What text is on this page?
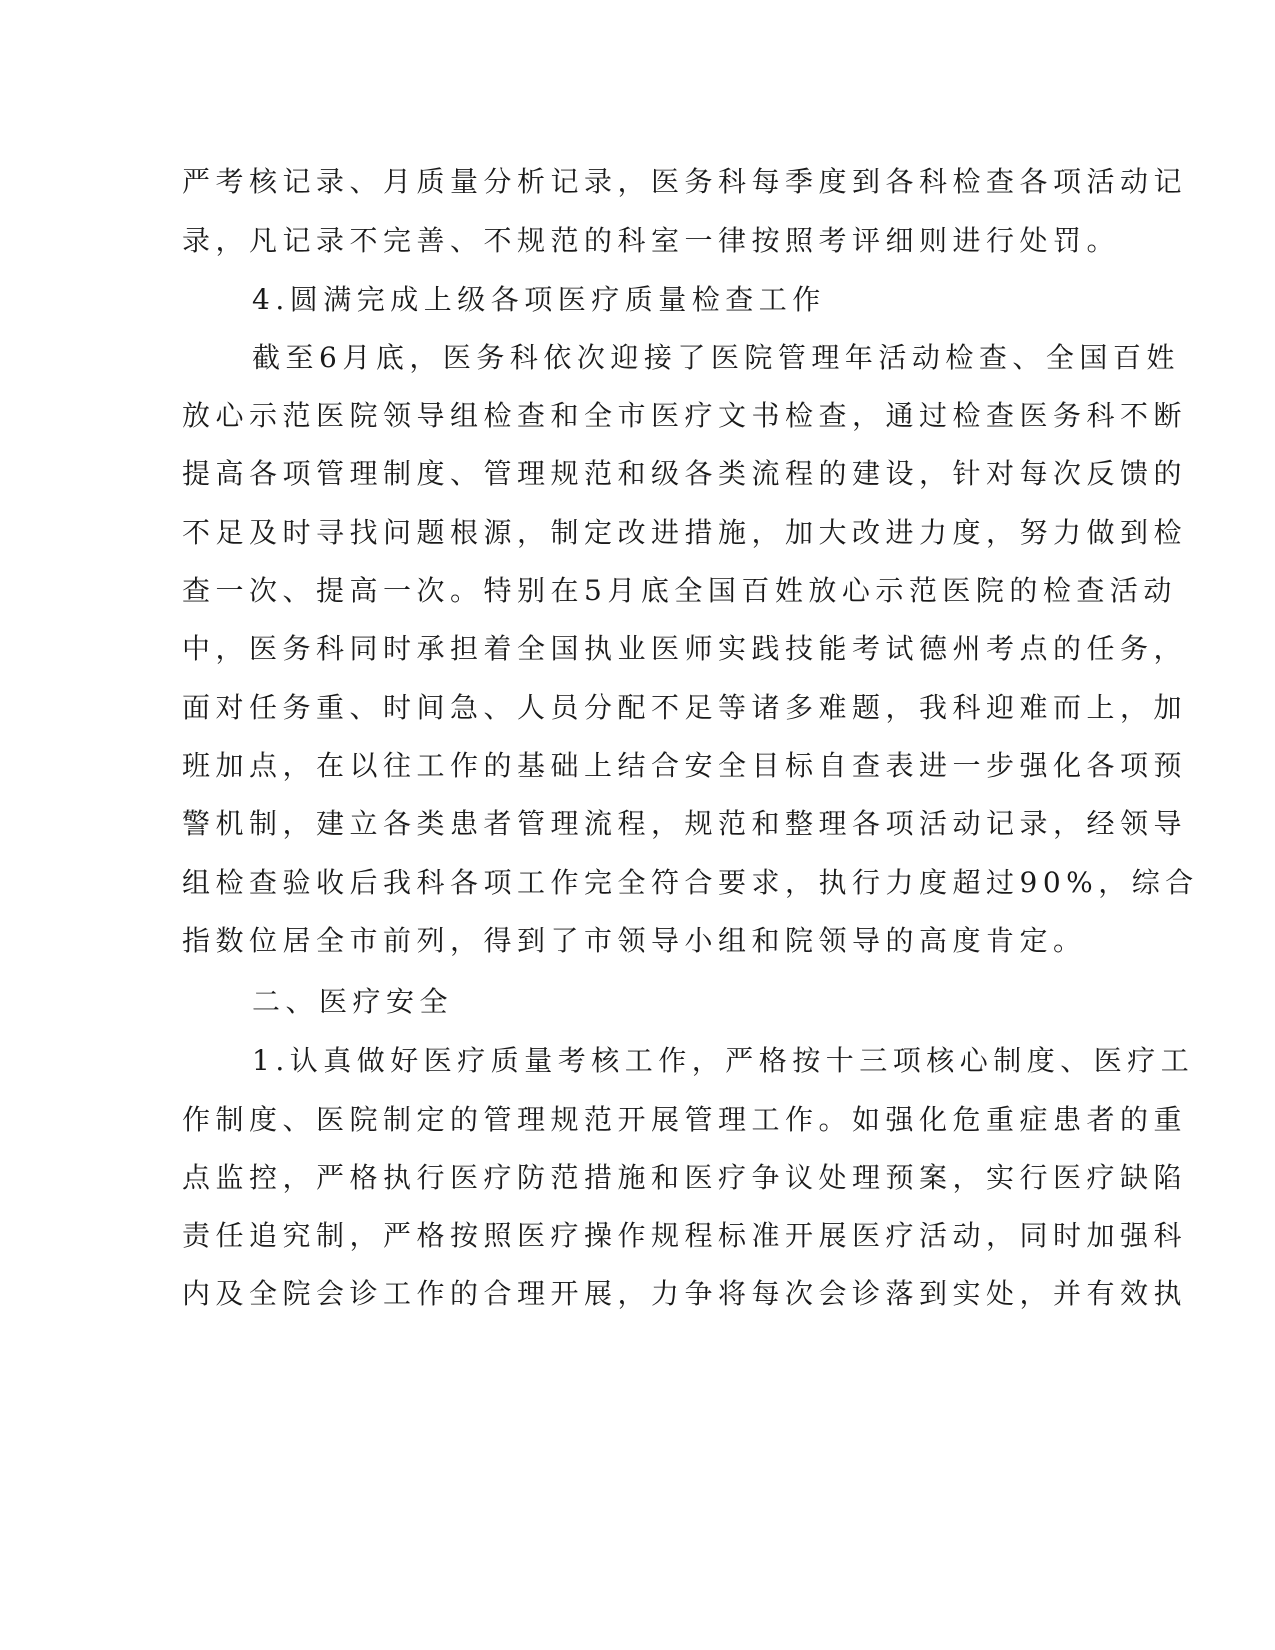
严考核记录、月质量分析记录，医务科每季度到各科检查各项活动记
录，凡记录不完善、不规范的科室一律按照考评细则进行处罚。
4.圆满完成上级各项医疗质量检查工作
截至6月底，医务科依次迎接了医院管理年活动检查、全国百姓
放心示范医院领导组检查和全市医疗文书检查，通过检查医务科不断
提高各项管理制度、管理规范和级各类流程的建设，针对每次反馈的
不足及时寻找问题根源，制定改进措施，加大改进力度，努力做到检
查一次、提高一次。特别在5月底全国百姓放心示范医院的检查活动
中，医务科同时承担着全国执业医师实践技能考试德州考点的任务，
面对任务重、时间急、人员分配不足等诸多难题，我科迎难而上，加
班加点，在以往工作的基础上结合安全目标自查表进一步强化各项预
警机制，建立各类患者管理流程，规范和整理各项活动记录，经领导
组检查验收后我科各项工作完全符合要求，执行力度超过90%，综合
指数位居全市前列，得到了市领导小组和院领导的高度肯定。
二、医疗安全
1.认真做好医疗质量考核工作，严格按十三项核心制度、医疗工
作制度、医院制定的管理规范开展管理工作。如强化危重症患者的重
点监控，严格执行医疗防范措施和医疗争议处理预案，实行医疗缺陷
责任追究制，严格按照医疗操作规程标准开展医疗活动，同时加强科
内及全院会诊工作的合理开展，力争将每次会诊落到实处，并有效执
